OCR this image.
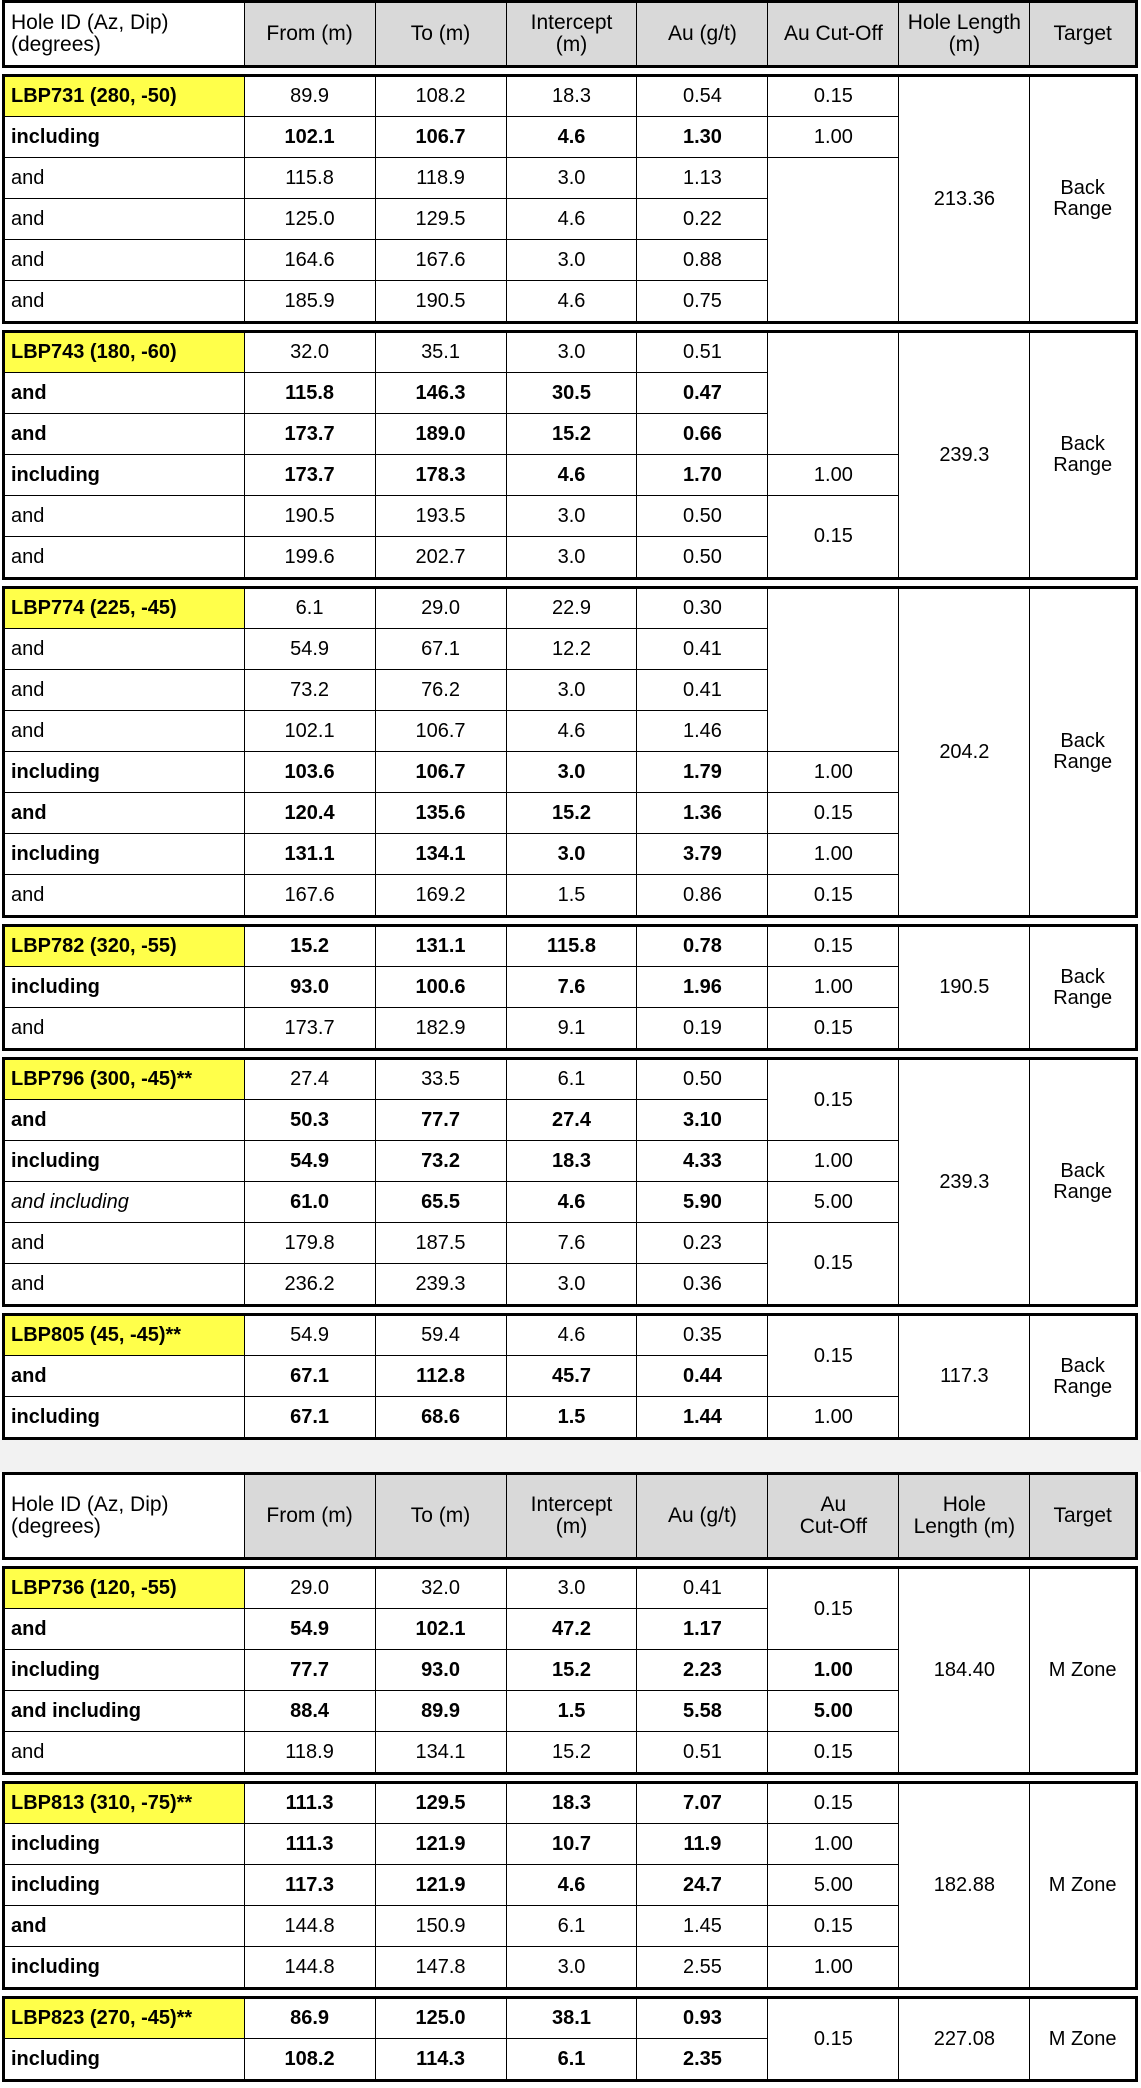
Hole ID (Az, Dip)
(degrees)	From (m)	To (m)	Intercept
(m)	Au (g/t)	Au Cut-Off	Hole Length
(m)	Target
LBP731 (280, -50)	89.9	108.2	18.3	0.54	0.15	213.36	Back Range
including	102.1	106.7	4.6	1.30	1.00		
and	115.8	118.9	3.0	1.13			
and	125.0	129.5	4.6	0.22			
and	164.6	167.6	3.0	0.88			
and	185.9	190.5	4.6	0.75			
LBP743 (180, -60)	32.0	35.1	3.0	0.51		239.3	Back Range
and	115.8	146.3	30.5	0.47			
and	173.7	189.0	15.2	0.66			
including	173.7	178.3	4.6	1.70	1.00		
and	190.5	193.5	3.0	0.50	0.15		
and	199.6	202.7	3.0	0.50			
LBP774 (225, -45)	6.1	29.0	22.9	0.30		204.2	Back Range
and	54.9	67.1	12.2	0.41			
and	73.2	76.2	3.0	0.41			
and	102.1	106.7	4.6	1.46			
including	103.6	106.7	3.0	1.79	1.00		
and	120.4	135.6	15.2	1.36	0.15		
including	131.1	134.1	3.0	3.79	1.00		
and	167.6	169.2	1.5	0.86	0.15		
LBP782 (320, -55)	15.2	131.1	115.8	0.78	0.15	190.5	Back Range
including	93.0	100.6	7.6	1.96	1.00		
and	173.7	182.9	9.1	0.19	0.15		
LBP796 (300, -45)**	27.4	33.5	6.1	0.50	0.15	239.3	Back Range
and	50.3	77.7	27.4	3.10			
including	54.9	73.2	18.3	4.33	1.00		
and including	61.0	65.5	4.6	5.90	5.00		
and	179.8	187.5	7.6	0.23	0.15		
and	236.2	239.3	3.0	0.36			
LBP805 (45, -45)**	54.9	59.4	4.6	0.35	0.15	117.3	Back Range
and	67.1	112.8	45.7	0.44			
including	67.1	68.6	1.5	1.44	1.00		
Hole ID (Az, Dip)
(degrees)	From (m)	To (m)	Intercept
(m)	Au (g/t)	Au
Cut-Off	Hole
Length (m)	Target
LBP736 (120, -55)	29.0	32.0	3.0	0.41	0.15	184.40	M Zone
and	54.9	102.1	47.2	1.17			
including	77.7	93.0	15.2	2.23	1.00		
and including	88.4	89.9	1.5	5.58	5.00		
and	118.9	134.1	15.2	0.51	0.15		
LBP813 (310, -75)**	111.3	129.5	18.3	7.07	0.15	182.88	M Zone
including	111.3	121.9	10.7	11.9	1.00		
including	117.3	121.9	4.6	24.7	5.00		
and	144.8	150.9	6.1	1.45	0.15		
including	144.8	147.8	3.0	2.55	1.00		
LBP823 (270, -45)**	86.9	125.0	38.1	0.93	0.15	227.08	M Zone
including	108.2	114.3	6.1	2.35			
